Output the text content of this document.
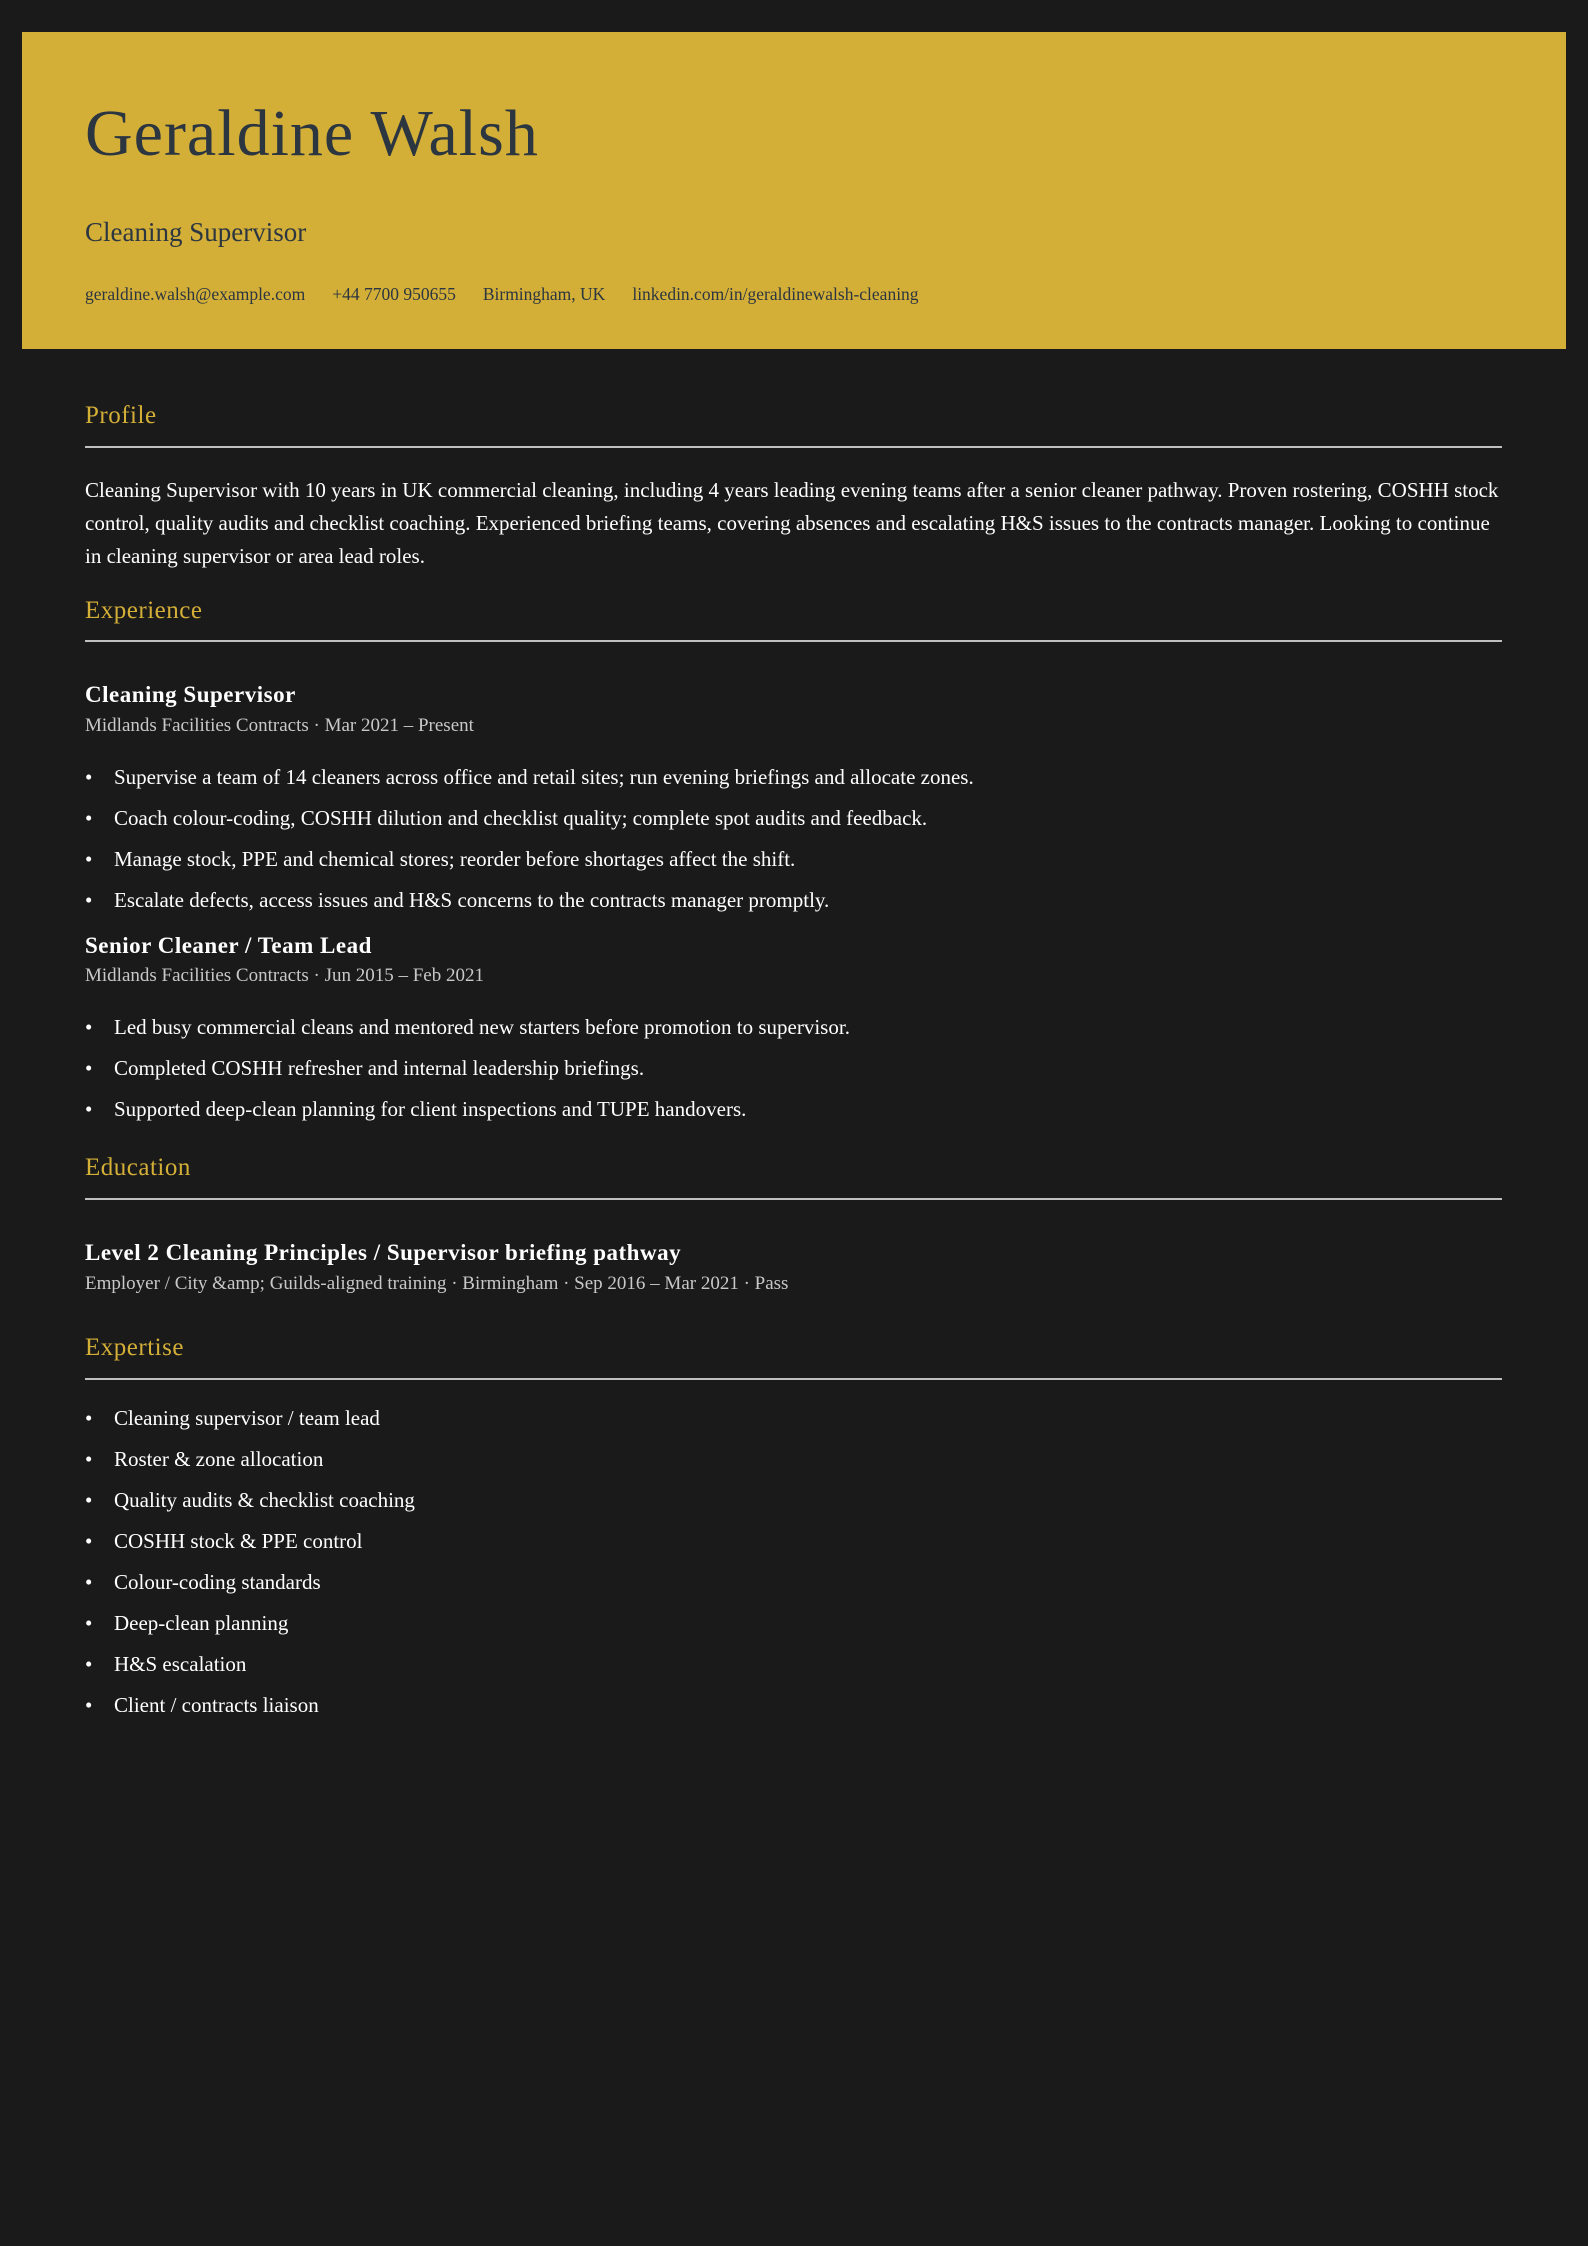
Geraldine Walsh
Cleaning Supervisor
geraldine.walsh@example.com +44 7700 950655 Birmingham, UK linkedin.com/in/geraldinewalsh-cleaning
Profile

Cleaning Supervisor with 10 years in UK commercial cleaning, including 4 years leading evening teams after a senior cleaner pathway. Proven rostering, COSHH stock control, quality audits and checklist coaching. Experienced briefing teams, covering absences and escalating H&S issues to the contracts manager. Looking to continue in cleaning supervisor or area lead roles.

Experience
Cleaning Supervisor

Midlands Facilities Contracts · Mar 2021 – Present

• Supervise a team of 14 cleaners across office and retail sites; run evening briefings and allocate zones.
• Coach colour-coding, COSHH dilution and checklist quality; complete spot audits and feedback.
• Manage stock, PPE and chemical stores; reorder before shortages affect the shift.
• Escalate defects, access issues and H&S concerns to the contracts manager promptly.
Senior Cleaner / Team Lead

Midlands Facilities Contracts · Jun 2015 – Feb 2021

• Led busy commercial cleans and mentored new starters before promotion to supervisor.
• Completed COSHH refresher and internal leadership briefings.
• Supported deep-clean planning for client inspections and TUPE handovers.
Education
Level 2 Cleaning Principles / Supervisor briefing pathway

Employer / City &amp; Guilds-aligned training · Birmingham · Sep 2016 – Mar 2021 · Pass

Expertise
• Cleaning supervisor / team lead
• Roster & zone allocation
• Quality audits & checklist coaching
• COSHH stock & PPE control
• Colour-coding standards
• Deep-clean planning
• H&S escalation
• Client / contracts liaison
